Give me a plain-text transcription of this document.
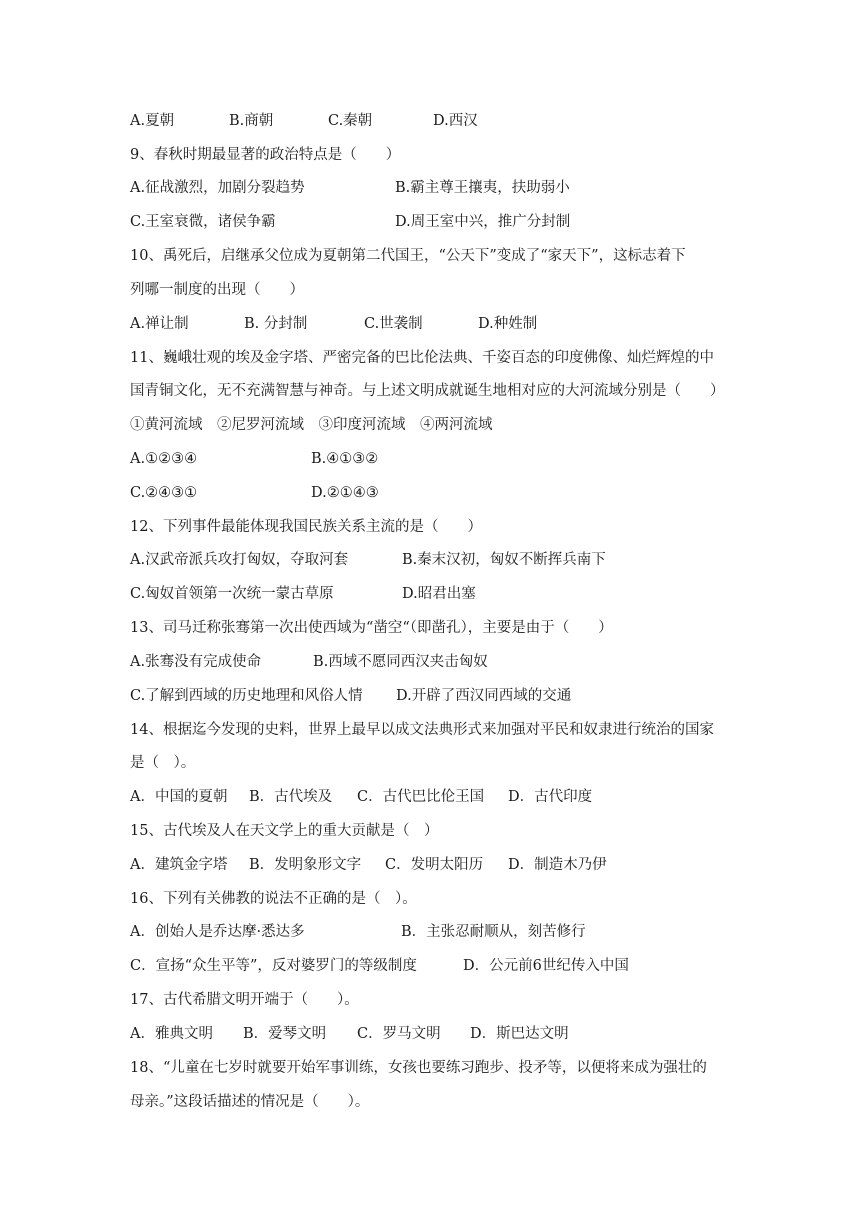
A.夏朝	B.商朝	C.秦朝	D.西汉
9、春秋时期最显著的政治特点是（　　）
A.征战激烈，加剧分裂趋势	B.霸主尊王攘夷，扶助弱小
C.王室衰微，诸侯争霸	D.周王室中兴，推广分封制
10、禹死后，启继承父位成为夏朝第二代国王，“公天下”变成了“家天下”，这标志着下
列哪一制度的出现（　　）
A.禅让制	B. 分封制	C.世袭制	D.种姓制
11、巍峨壮观的埃及金字塔、严密完备的巴比伦法典、千姿百态的印度佛像、灿烂辉煌的中
国青铜文化，无不充满智慧与神奇。与上述文明成就诞生地相对应的大河流域分别是（　　）
①黄河流域　②尼罗河流域　③印度河流域　④两河流域
A.①②③④	B.④①③②
C.②④③①	D.②①④③
12、下列事件最能体现我国民族关系主流的是（　　）
A.汉武帝派兵攻打匈奴，夺取河套	B.秦末汉初，匈奴不断挥兵南下
C.匈奴首领第一次统一蒙古草原	D.昭君出塞
13、司马迁称张骞第一次出使西域为“凿空“（即凿孔），主要是由于（　　）
A.张骞没有完成使命	B.西域不愿同西汉夹击匈奴
C.了解到西域的历史地理和风俗人情 D.开辟了西汉同西域的交通
14、根据迄今发现的史料，世界上最早以成文法典形式来加强对平民和奴隶进行统治的国家
是（　）。
A．中国的夏朝 B．古代埃及 C．古代巴比伦王国 D．古代印度
15、古代埃及人在天文学上的重大贡献是（　）
A．建筑金字塔 B．发明象形文字 C．发明太阳历 D．制造木乃伊
16、下列有关佛教的说法不正确的是（　）。
A．创始人是乔达摩·悉达多	B．主张忍耐顺从，刻苦修行
C．宣扬“众生平等”，反对婆罗门的等级制度	D．公元前6世纪传入中国
17、古代希腊文明开端于（　　）。
A．雅典文明 B．爱琴文明 C．罗马文明 D．斯巴达文明
18、“儿童在七岁时就要开始军事训练，女孩也要练习跑步、投矛等，以便将来成为强壮的
母亲。”这段话描述的情况是（　　）。
